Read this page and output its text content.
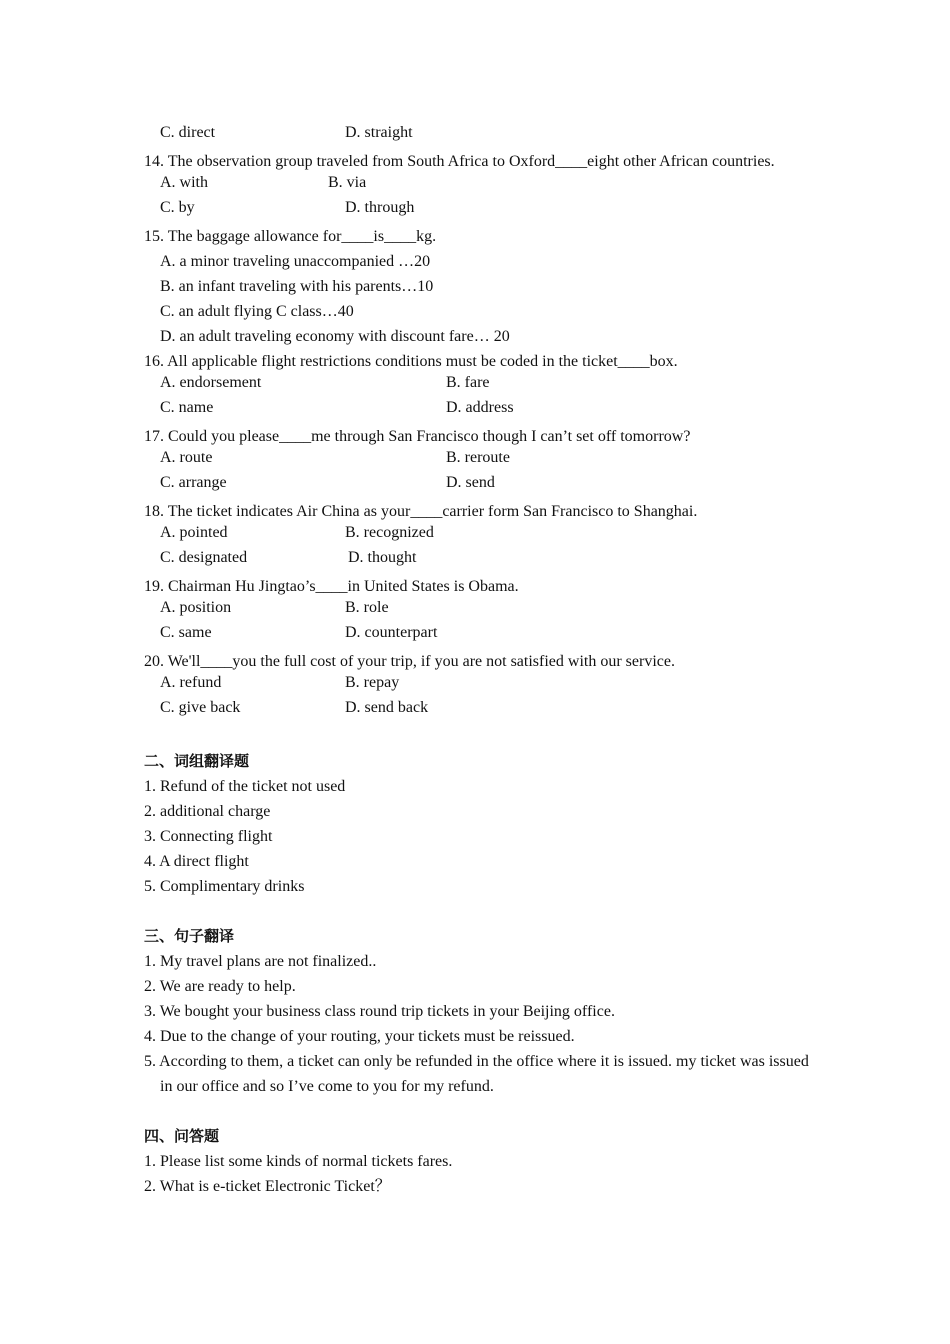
C. direct	D. straight
14. The observation group traveled from South Africa to Oxford____eight other African countries.
A. with	B. via
C. by	D. through
15. The baggage allowance for____is____kg.
A. a minor traveling unaccompanied …20
B. an infant traveling with his parents…10
C. an adult flying C class…40
D. an adult traveling economy with discount fare… 20
16. All applicable flight restrictions conditions must be coded in the ticket____box.
A. endorsement	B. fare
C. name	D. address
17. Could you please____me through San Francisco though I can’t set off tomorrow?
A. route	B. reroute
C. arrange	D. send
18. The ticket indicates Air China as your____carrier form San Francisco to Shanghai.
A. pointed	B. recognized
C. designated	D. thought
19. Chairman Hu Jingtao’s____in United States is Obama.
A. position	B. role
C. same	D. counterpart
20. We'll____you the full cost of your trip, if you are not satisfied with our service.
A. refund	B. repay
C. give back	D. send back
二、词组翻译题
1. Refund of the ticket not used
2. additional charge
3. Connecting flight
4. A direct flight
5. Complimentary drinks
三、句子翻译
1. My travel plans are not finalized..
2. We are ready to help.
3. We bought your business class round trip tickets in your Beijing office.
4. Due to the change of your routing, your tickets must be reissued.
5. According to them, a ticket can only be refunded in the office where it is issued. my ticket was issued in our office and so I’ve come to you for my refund.
四、问答题
1. Please list some kinds of normal tickets fares.
2. What is e-ticket Electronic Ticket？
